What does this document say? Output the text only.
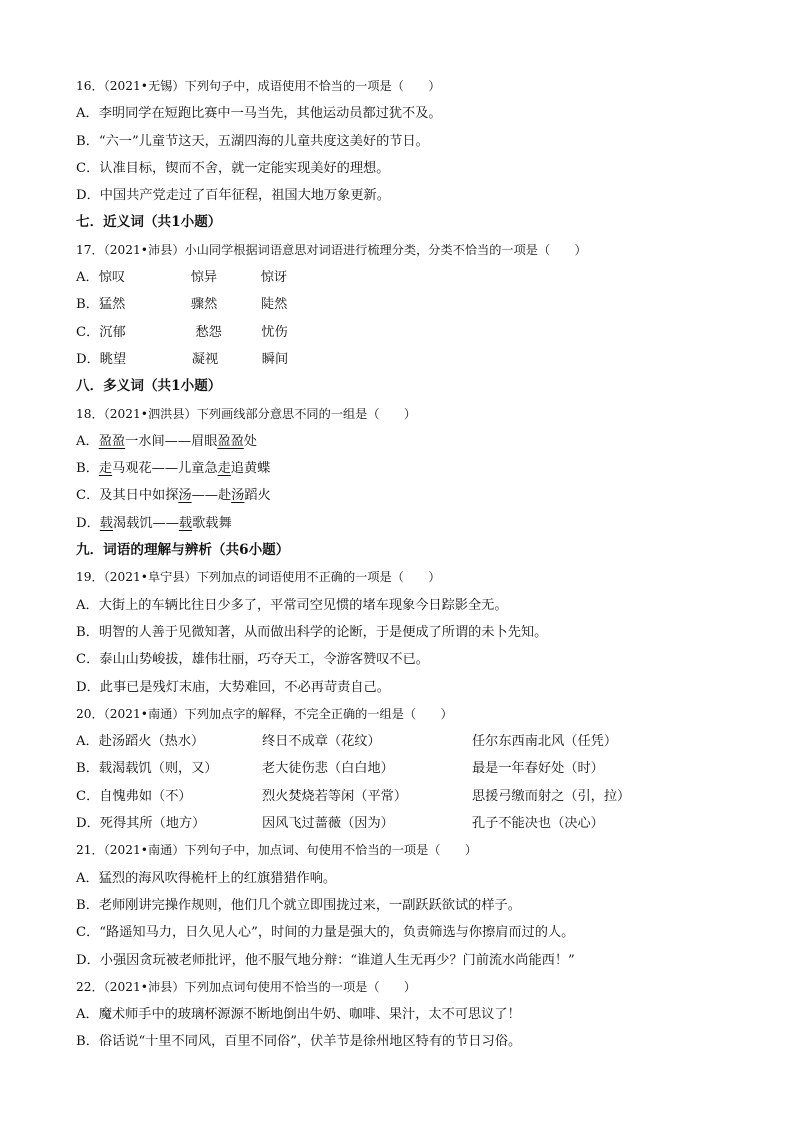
16．（2021•无锡）下列句子中，成语使用不恰当的一项是（　　）
A．李明同学在短跑比赛中一马当先，其他运动员都过犹不及。
B．“六一”儿童节这天，五湖四海的儿童共度这美好的节日。
C．认准目标，锲而不舍，就一定能实现美好的理想。
D．中国共产党走过了百年征程，祖国大地万象更新。
七．近义词（共1小题）
17．（2021•沛县）小山同学根据词语意思对词语进行梳理分类，分类不恰当的一项是（　　）
A． 惊叹	惊异	惊讶
B． 猛然	骤然	陡然
C． 沉郁	愁怨	忧伤
D． 眺望	凝视	瞬间
八．多义词（共1小题）
18．（2021•泗洪县）下列画线部分意思不同的一组是（　　）
A．盈盈一水间——眉眼盈盈处
B．走马观花——儿童急走追黄蝶
C．及其日中如探汤——赴汤蹈火
D．载渴载饥——载歌载舞
九．词语的理解与辨析（共6小题）
19．（2021•阜宁县）下列加点的词语使用不正确的一项是（　　）
A．大街上的车辆比往日少多了，平常司空见惯的堵车现象今日踪影全无。
B．明智的人善于见微知著，从而做出科学的论断，于是便成了所谓的未卜先知。
C．泰山山势峻拔，雄伟壮丽，巧夺天工，令游客赞叹不已。
D．此事已是残灯末庙，大势难回，不必再苛责自己。
20．（2021•南通）下列加点字的解释，不完全正确的一组是（　　）
A．赴汤蹈火（热水）	终日不成章（花纹）	任尔东西南北风（任凭）
B．载渴载饥（则，又）	老大徒伤悲（白白地）	最是一年春好处（时）
C．自愧弗如（不）	烈火焚烧若等闲（平常）	思援弓缴而射之（引，拉）
D．死得其所（地方）	因风飞过蔷薇（因为）	孔子不能决也（决心）
21．（2021•南通）下列句子中，加点词、句使用不恰当的一项是（　　）
A．猛烈的海风吹得桅杆上的红旗猎猎作响。
B．老师刚讲完操作规则，他们几个就立即围拢过来，一副跃跃欲试的样子。
C．“路遥知马力，日久见人心”，时间的力量是强大的，负责筛选与你擦肩而过的人。
D．小强因贪玩被老师批评，他不服气地分辩：“谁道人生无再少？门前流水尚能西！”
22．（2021•沛县）下列加点词句使用不恰当的一项是（　　）
A．魔术师手中的玻璃杯源源不断地倒出牛奶、咖啡、果汁，太不可思议了！
B．俗话说“十里不同风，百里不同俗”，伏羊节是徐州地区特有的节日习俗。
